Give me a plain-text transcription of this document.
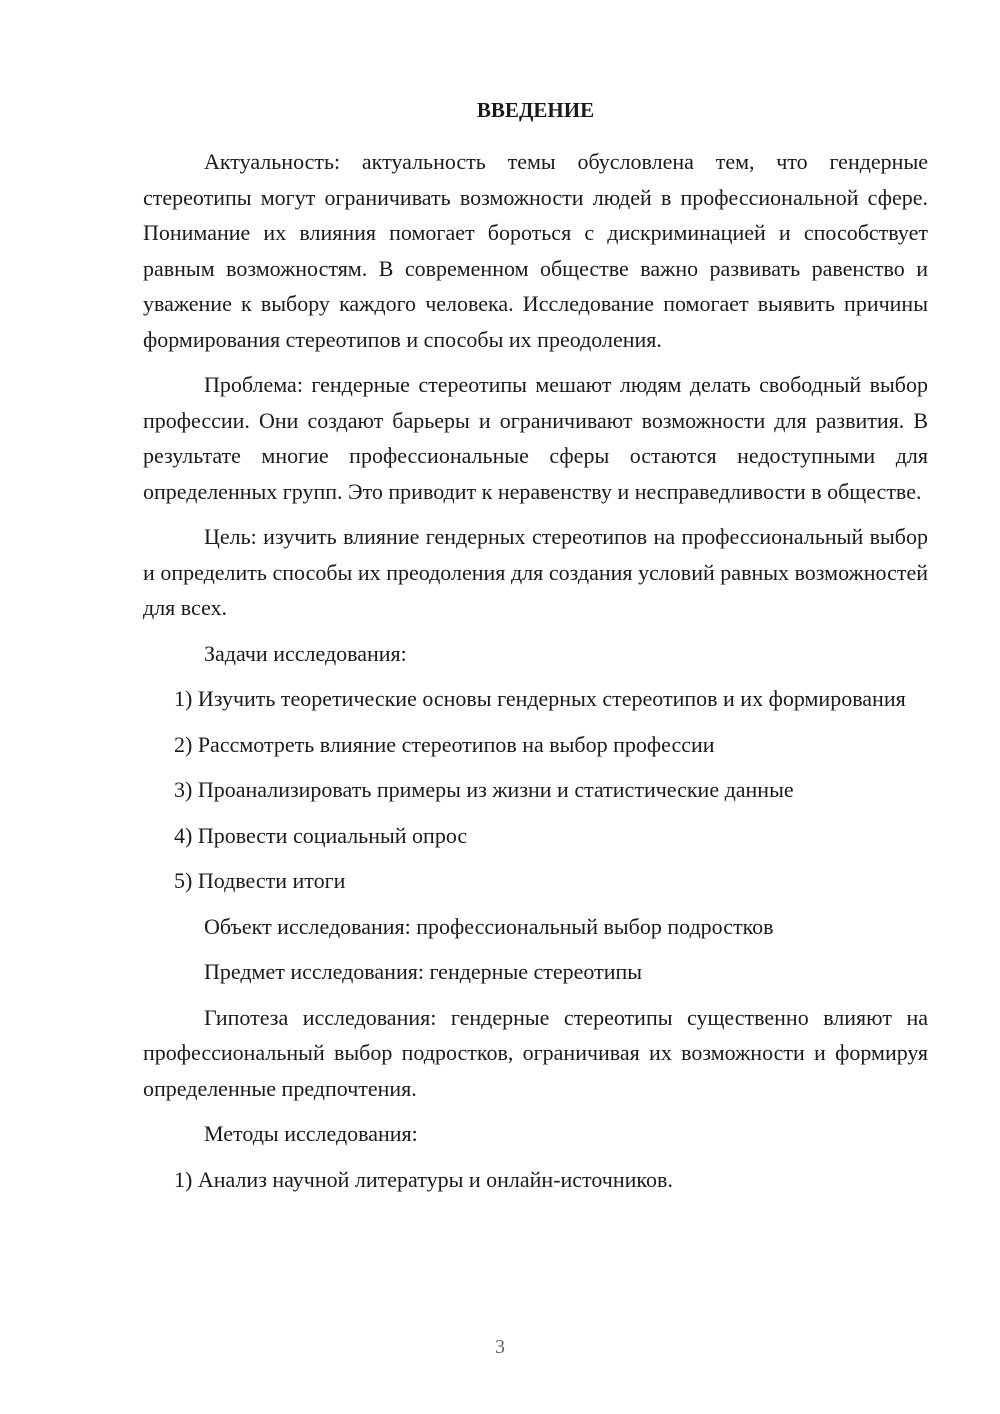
ВВЕДЕНИЕ

Актуальность: актуальность темы обусловлена тем, что гендерные стереотипы могут ограничивать возможности людей в профессиональной сфере. Понимание их влияния помогает бороться с дискриминацией и способствует равным возможностям. В современном обществе важно развивать равенство и уважение к выбору каждого человека. Исследование помогает выявить причины формирования стереотипов и способы их преодоления.

Проблема: гендерные стереотипы мешают людям делать свободный выбор профессии. Они создают барьеры и ограничивают возможности для развития. В результате многие профессиональные сферы остаются недоступными для определенных групп. Это приводит к неравенству и несправедливости в обществе.

Цель: изучить влияние гендерных стереотипов на профессиональный выбор и определить способы их преодоления для создания условий равных возможностей для всех.

Задачи исследования:

1) Изучить теоретические основы гендерных стереотипов и их формирования

2) Рассмотреть влияние стереотипов на выбор профессии

3) Проанализировать примеры из жизни и статистические данные

4) Провести социальный опрос

5) Подвести итоги

Объект исследования: профессиональный выбор подростков

Предмет исследования: гендерные стереотипы

Гипотеза исследования: гендерные стереотипы существенно влияют на профессиональный выбор подростков, ограничивая их возможности и формируя определенные предпочтения.

Методы исследования:

1) Анализ научной литературы и онлайн-источников.

3
